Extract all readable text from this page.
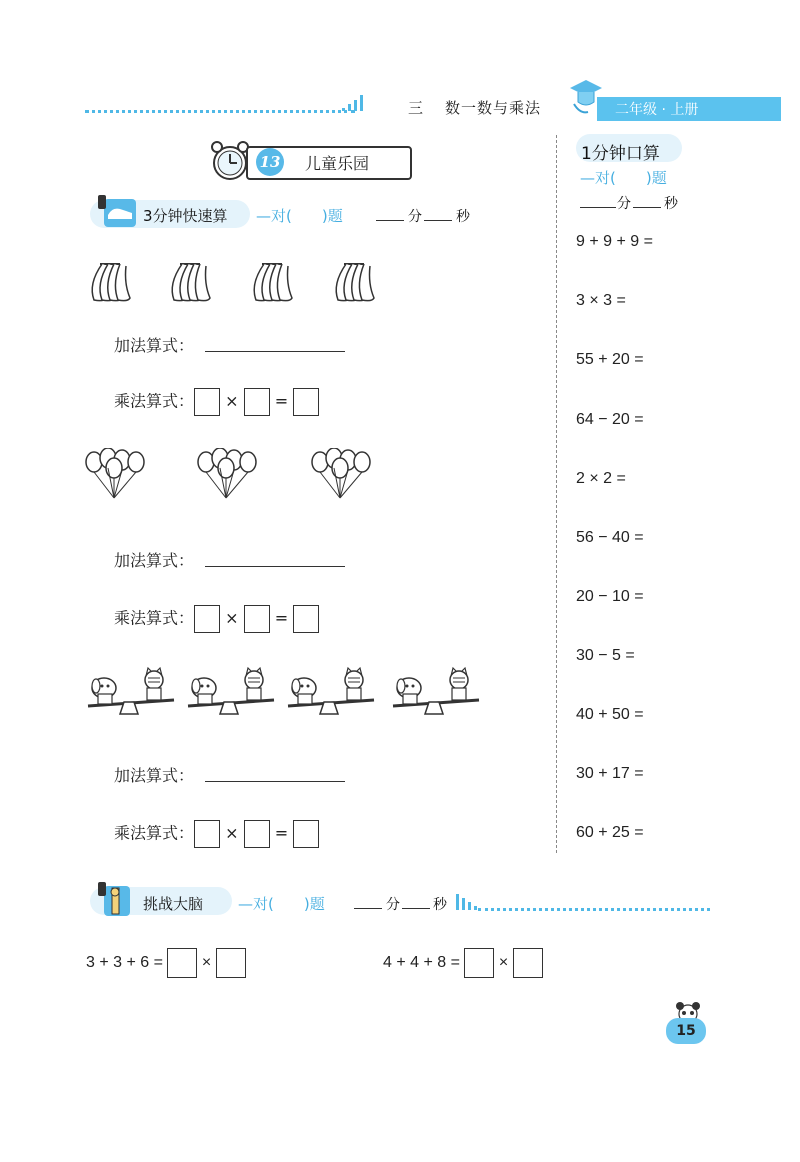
三 数一数与乘法	二年级 · 上册
13 儿童乐园
3分钟快速算 —对(　　)题	分 秒
加法算式：
乘法算式： × =
加法算式：
乘法算式： × =
加法算式：
乘法算式： × =
1分钟口算
—对(　　)题
分 秒
9 + 9 + 9 =
3 × 3 =
55 + 20 =
64 − 20 =
2 × 2 =
56 − 40 =
20 − 10 =
30 − 5 =
40 + 50 =
30 + 17 =
60 + 25 =
挑战大脑 —对(　　)题	分 秒
3 + 3 + 6 = ×	4 + 4 + 8 = ×
15
